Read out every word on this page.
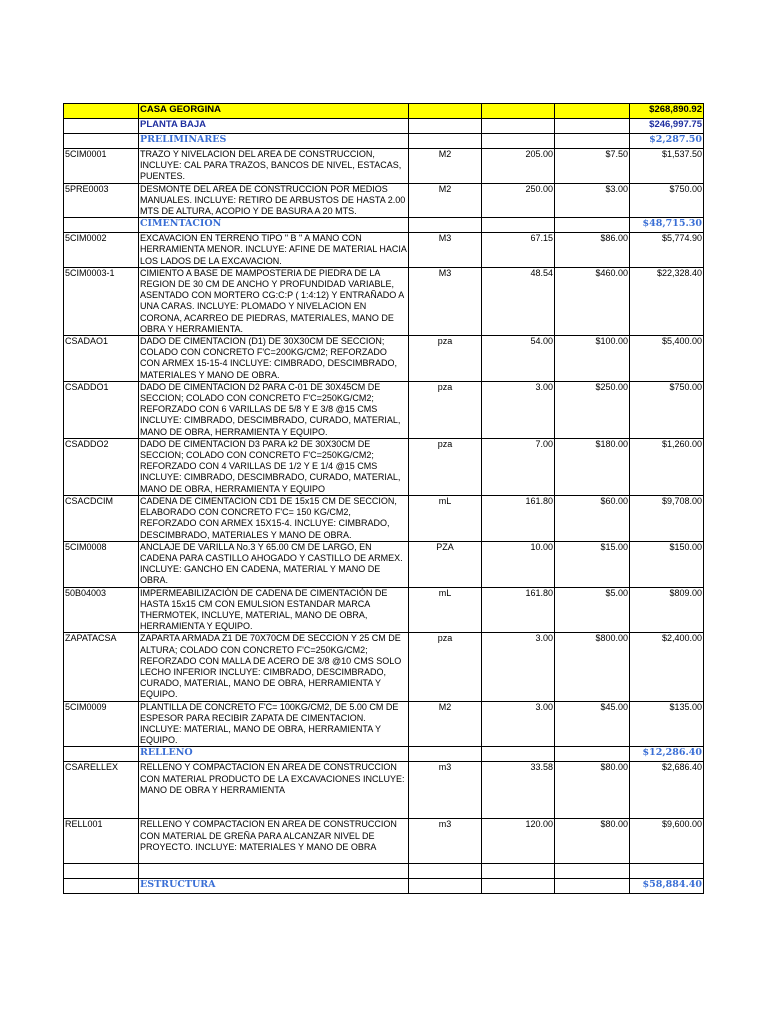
	CASA GEORGINA				$268,890.92
	PLANTA BAJA				$246,997.75
	PRELIMINARES				$2,287.50
5CIM0001	TRAZO Y NIVELACION DEL AREA DE CONSTRUCCION, INCLUYE: CAL PARA TRAZOS, BANCOS DE NIVEL, ESTACAS, PUENTES.	M2	205.00	$7.50	$1,537.50
5PRE0003	DESMONTE DEL AREA DE CONSTRUCCION POR MEDIOS MANUALES. INCLUYE: RETIRO DE ARBUSTOS DE HASTA 2.00 MTS DE ALTURA, ACOPIO Y DE BASURA A 20 MTS.	M2	250.00	$3.00	$750.00
	CIMENTACION				$48,715.30
5CIM0002	EXCAVACION EN TERRENO TIPO " B " A MANO CON HERRAMIENTA MENOR. INCLUYE: AFINE DE MATERIAL HACIA LOS LADOS DE LA EXCAVACION.	M3	67.15	$86.00	$5,774.90
5CIM0003-1	CIMIENTO A BASE DE MAMPOSTERIA DE PIEDRA DE LA REGION DE 30 CM DE ANCHO Y PROFUNDIDAD VARIABLE, ASENTADO CON MORTERO CG:C:P ( 1:4:12) Y ENTRAÑADO A UNA CARAS. INCLUYE: PLOMADO Y NIVELACION EN CORONA, ACARREO DE PIEDRAS, MATERIALES, MANO DE OBRA Y HERRAMIENTA.	M3	48.54	$460.00	$22,328.40
CSADAO1	DADO DE CIMENTACION (D1) DE 30X30CM DE SECCION; COLADO CON CONCRETO F'C=200KG/CM2; REFORZADO CON ARMEX 15-15-4 INCLUYE: CIMBRADO, DESCIMBRADO, MATERIALES Y MANO DE OBRA.	pza	54.00	$100.00	$5,400.00
CSADDO1	DADO DE CIMENTACION D2 PARA C-01 DE 30X45CM DE SECCION; COLADO CON CONCRETO F'C=250KG/CM2; REFORZADO CON 6 VARILLAS DE 5/8 Y E 3/8 @15 CMS INCLUYE: CIMBRADO, DESCIMBRADO, CURADO, MATERIAL, MANO DE OBRA, HERRAMIENTA Y EQUIPO.	pza	3.00	$250.00	$750.00
CSADDO2	DADO DE CIMENTACION D3 PARA k2 DE 30X30CM DE SECCION; COLADO CON CONCRETO F'C=250KG/CM2; REFORZADO CON 4 VARILLAS DE 1/2 Y E 1/4 @15 CMS INCLUYE: CIMBRADO, DESCIMBRADO, CURADO, MATERIAL, MANO DE OBRA, HERRAMIENTA Y EQUIPO	pza	7.00	$180.00	$1,260.00
CSACDCIM	CADENA DE CIMENTACION CD1 DE 15x15 CM DE SECCION, ELABORADO CON CONCRETO F'C= 150 KG/CM2, REFORZADO CON ARMEX 15X15-4. INCLUYE: CIMBRADO, DESCIMBRADO, MATERIALES Y MANO DE OBRA.	mL	161.80	$60.00	$9,708.00
5CIM0008	ANCLAJE DE VARILLA No.3 Y 65.00 CM DE LARGO, EN CADENA PARA CASTILLO AHOGADO Y CASTILLO DE ARMEX. INCLUYE: GANCHO EN CADENA, MATERIAL Y MANO DE OBRA.	PZA	10.00	$15.00	$150.00
50B04003	IMPERMEABILIZACIÓN DE CADENA DE CIMENTACIÓN DE HASTA 15x15 CM CON EMULSION ESTANDAR MARCA THERMOTEK, INCLUYE, MATERIAL, MANO DE OBRA, HERRAMIENTA Y EQUIPO.	mL	161.80	$5.00	$809.00
ZAPATACSA	ZAPARTA ARMADA Z1 DE 70X70CM DE SECCION Y 25 CM DE ALTURA; COLADO CON CONCRETO F'C=250KG/CM2; REFORZADO CON MALLA DE ACERO DE 3/8 @10 CMS SOLO LECHO INFERIOR INCLUYE: CIMBRADO, DESCIMBRADO, CURADO, MATERIAL, MANO DE OBRA, HERRAMIENTA Y EQUIPO.	pza	3.00	$800.00	$2,400.00
5CIM0009	PLANTILLA DE CONCRETO F'C= 100KG/CM2, DE 5.00 CM DE ESPESOR PARA RECIBIR ZAPATA DE CIMENTACION. INCLUYE: MATERIAL, MANO DE OBRA, HERRAMIENTA Y EQUIPO.	M2	3.00	$45.00	$135.00
	RELLENO				$12,286.40
CSARELLEX	RELLENO Y COMPACTACION EN AREA DE CONSTRUCCION CON MATERIAL PRODUCTO DE LA EXCAVACIONES INCLUYE: MANO DE OBRA Y HERRAMIENTA	m3	33.58	$80.00	$2,686.40
RELL001	RELLENO Y COMPACTACION EN AREA DE CONSTRUCCION CON MATERIAL DE GREÑA PARA ALCANZAR NIVEL DE PROYECTO. INCLUYE: MATERIALES Y MANO DE OBRA	m3	120.00	$80.00	$9,600.00

	ESTRUCTURA				$58,884.40
